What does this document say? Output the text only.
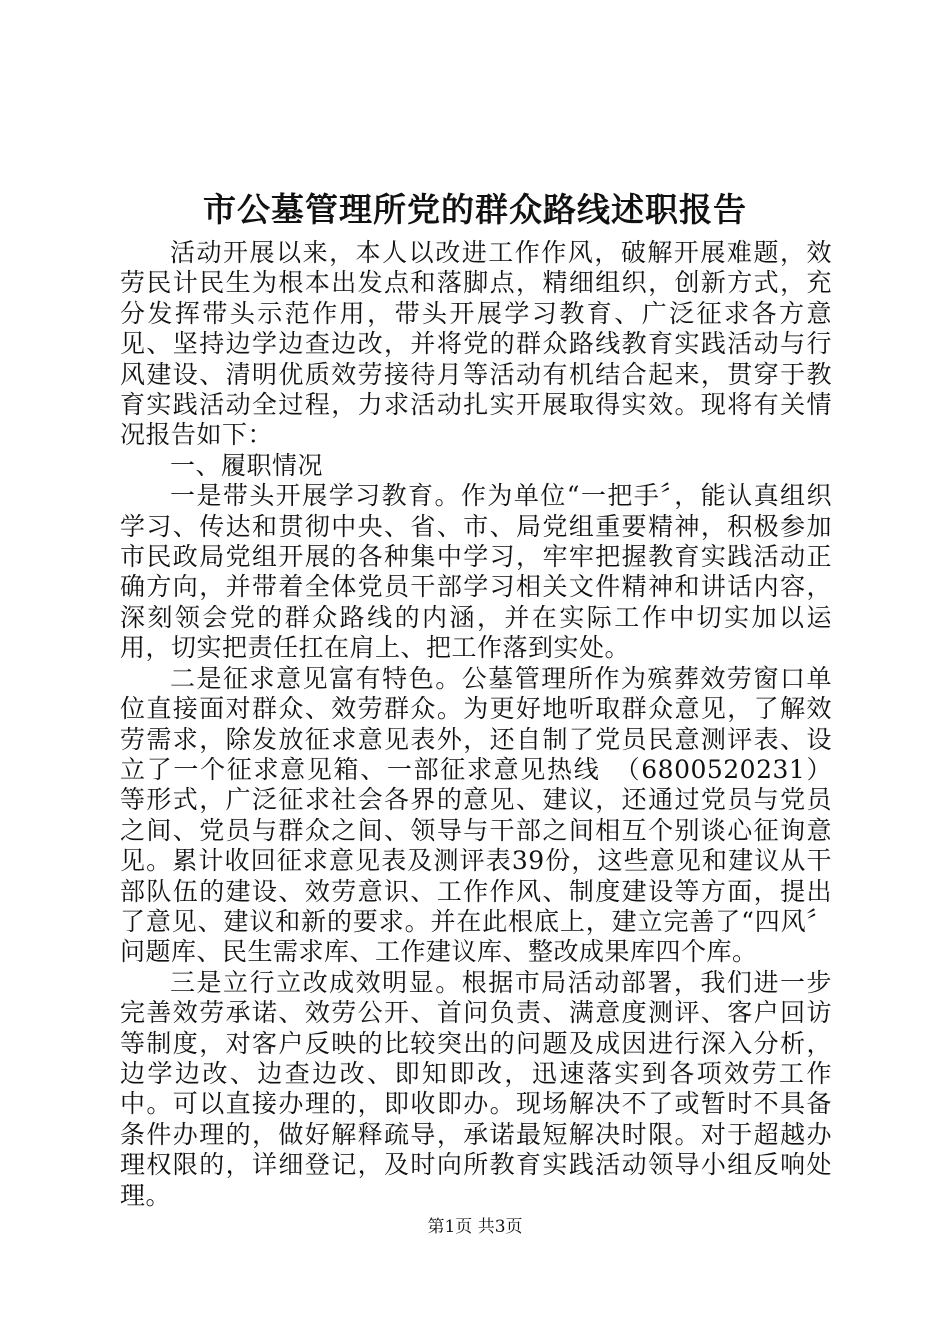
市公墓管理所党的群众路线述职报告

活动开展以来，本人以改进工作作风，破解开展难题，效劳民计民生为根本出发点和落脚点，精细组织，创新方式，充分发挥带头示范作用，带头开展学习教育、广泛征求各方意见、坚持边学边查边改，并将党的群众路线教育实践活动与行风建设、清明优质效劳接待月等活动有机结合起来，贯穿于教育实践活动全过程，力求活动扎实开展取得实效。现将有关情况报告如下：

一、履职情况

一是带头开展学习教育。作为单位“一把手〞，能认真组织学习、传达和贯彻中央、省、市、局党组重要精神，积极参加市民政局党组开展的各种集中学习，牢牢把握教育实践活动正确方向，并带着全体党员干部学习相关文件精神和讲话内容，深刻领会党的群众路线的内涵，并在实际工作中切实加以运用，切实把责任扛在肩上、把工作落到实处。

二是征求意见富有特色。公墓管理所作为殡葬效劳窗口单位直接面对群众、效劳群众。为更好地听取群众意见，了解效劳需求，除发放征求意见表外，还自制了党员民意测评表、设立了一个征求意见箱、一部征求意见热线　（6800520231）等形式，广泛征求社会各界的意见、建议，还通过党员与党员之间、党员与群众之间、领导与干部之间相互个别谈心征询意见。累计收回征求意见表及测评表39份，这些意见和建议从干部队伍的建设、效劳意识、工作作风、制度建设等方面，提出了意见、建议和新的要求。并在此根底上，建立完善了“四风〞问题库、民生需求库、工作建议库、整改成果库四个库。

三是立行立改成效明显。根据市局活动部署，我们进一步完善效劳承诺、效劳公开、首问负责、满意度测评、客户回访等制度，对客户反映的比较突出的问题及成因进行深入分析，边学边改、边查边改、即知即改，迅速落实到各项效劳工作中。可以直接办理的，即收即办。现场解决不了或暂时不具备条件办理的，做好解释疏导，承诺最短解决时限。对于超越办理权限的，详细登记，及时向所教育实践活动领导小组反响处理。

第1页 共3页
